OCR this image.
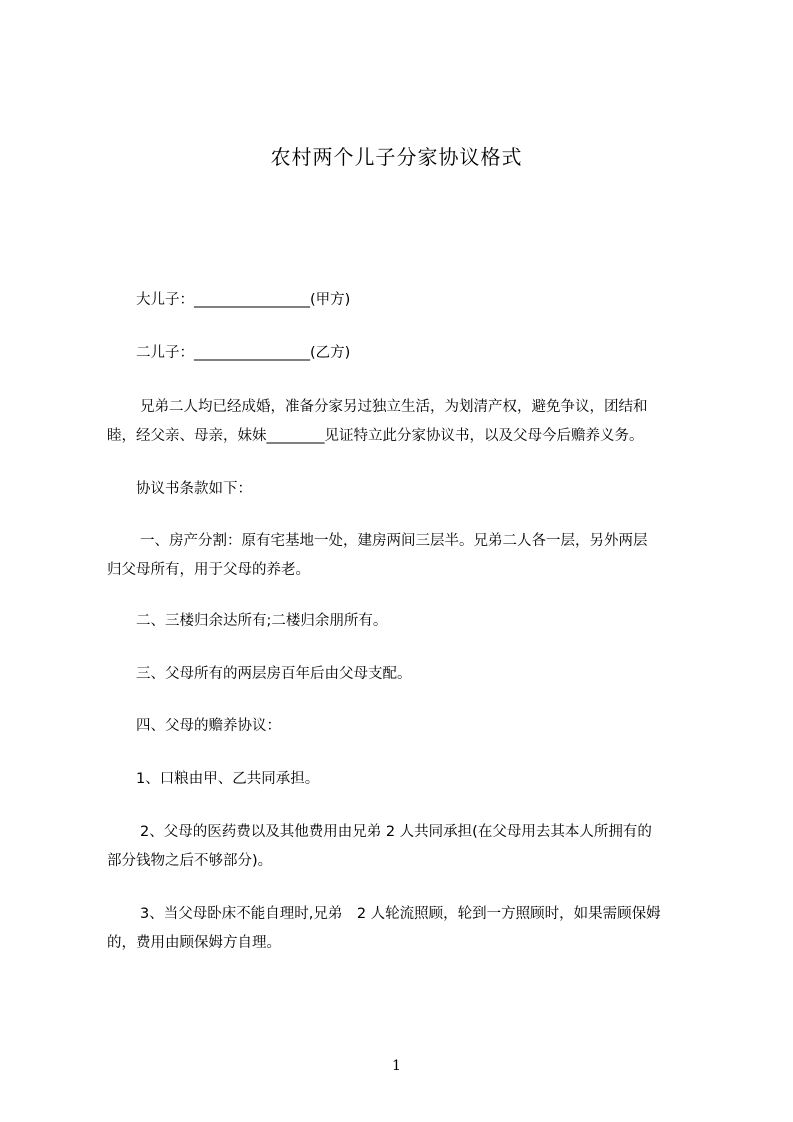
农村两个儿子分家协议格式
大儿子：________________(甲方)
二儿子：________________(乙方)
兄弟二人均已经成婚，准备分家另过独立生活，为划清产权，避免争议，团结和
睦，经父亲、母亲，妹妹________见证特立此分家协议书，以及父母今后赡养义务。
协议书条款如下：
一、房产分割：原有宅基地一处，建房两间三层半。兄弟二人各一层，另外两层
归父母所有，用于父母的养老。
二、三楼归余达所有;二楼归余朋所有。
三、父母所有的两层房百年后由父母支配。
四、父母的赡养协议：
1、口粮由甲、乙共同承担。
2、父母的医药费以及其他费用由兄弟 2 人共同承担(在父母用去其本人所拥有的
部分钱物之后不够部分)。
3、当父母卧床不能自理时,兄弟　2 人轮流照顾，轮到一方照顾时，如果需顾保姆
的，费用由顾保姆方自理。
1
